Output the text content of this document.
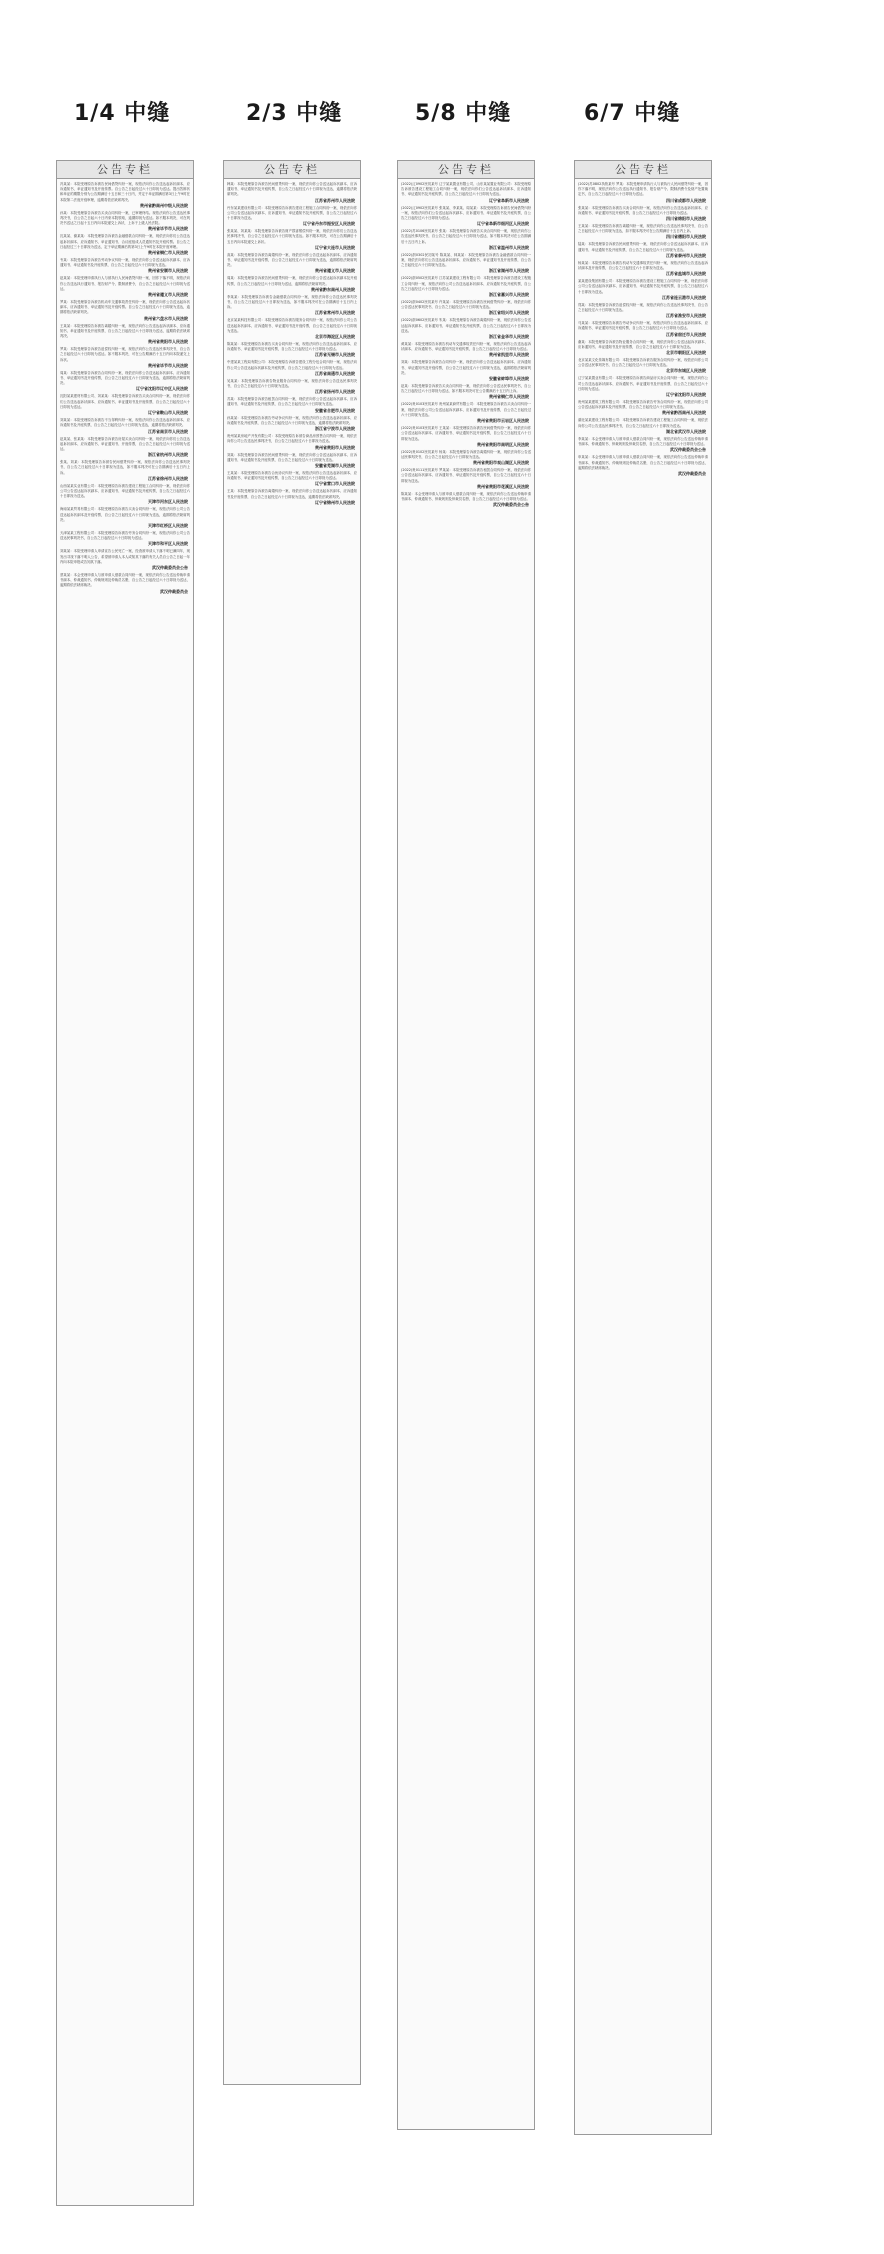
1/4 中缝	2/3 中缝	5/8 中缝	6/7 中缝
公告专栏
冯某某：本院受理原告诉被告民间借贷纠纷一案，现依法向你公告送达起诉状副本、应诉通知书、举证通知书及开庭传票。自公告之日起经过六十日即视为送达。提出答辩状和举证的期限分别为公告期满后十五日和三十日内，并定于举证期满后第3日上午9时在本院第二法庭开庭审理，逾期将依法缺席判决。
贵州省黔南州中级人民法院
孙某：本院受理原告诉被告买卖合同纠纷一案，已审理终结。现依法向你公告送达民事判决书，自公告之日起六十日内来本院领取，逾期即视为送达。如不服本判决，可在判决书送达之日起十五日内向本院递交上诉状，上诉于上级人民法院。
贵州省毕节市人民法院
沈某某、谢某某：本院受理原告诉被告金融借款合同纠纷一案，现依法向你们公告送达起诉状副本、应诉通知书、举证通知书、合议庭组成人员通知书及开庭传票。自公告之日起经过三十日即视为送达，定于举证期满后的第3日上午9时在本院开庭审理。
贵州省铜仁市人民法院
韦某：本院受理原告诉被告劳动争议纠纷一案，现依法向你公告送达起诉状副本、应诉通知书、举证通知书及开庭传票，自公告之日起经过六十日即视为送达。
贵州省安顺市人民法院
赵某某：本院受理申请执行人与被执行人民间借贷纠纷一案，因你下落不明，现依法向你公告送达执行通知书、报告财产令、限制消费令，自公告之日起经过六十日即视为送达。
贵州省遵义市人民法院
罗某：本院受理原告诉被告机动车交通事故责任纠纷一案，现依法向你公告送达起诉状副本、应诉通知书、举证通知书及开庭传票。自公告之日起经过六十日即视为送达，逾期将依法缺席判决。
贵州省六盘水市人民法院
王某某：本院受理原告诉被告离婚纠纷一案，现依法向你公告送达起诉状副本、应诉通知书、举证通知书及开庭传票，自公告之日起经过六十日即视为送达，逾期将依法缺席判决。
贵州省贵阳市人民法院
罗某：本院受理原告诉被告追偿权纠纷一案，现依法向你公告送达民事判决书，自公告之日起经过六十日即视为送达。如不服本判决，可在公告期满后十五日内向本院递交上诉状。
贵州省毕节市人民法院
周某：本院受理原告诉被告合同纠纷一案，现依法向你公告送达起诉状副本、应诉通知书、举证通知书及开庭传票，自公告之日起经过六十日即视为送达，逾期将依法缺席判决。
辽宁省沈阳市辽中区人民法院
沈阳某某建材有限公司、刘某某：本院受理原告诉被告买卖合同纠纷一案，现依法向你们公告送达起诉状副本、应诉通知书、举证通知书及开庭传票，自公告之日起经过六十日即视为送达。
辽宁省鞍山市人民法院
刘某某：本院受理原告诉被告不当得利纠纷一案，现依法向你公告送达起诉状副本、应诉通知书及开庭传票，自公告之日起经过六十日即视为送达，逾期将依法缺席判决。
江苏省南京市人民法院
赵某某、张某某：本院受理原告诉被告房屋买卖合同纠纷一案，现依法向你们公告送达起诉状副本、应诉通知书、举证通知书、开庭传票，自公告之日起经过六十日即视为送达。
浙江省杭州市人民法院
张某、刘某：本院受理原告诉被告民间借贷纠纷一案，现依法向你公告送达民事判决书，自公告之日起经过六十日即视为送达，如不服本判决可在公告期满后十五日内上诉。
江苏省徐州市人民法院
山西某某实业有限公司：本院受理原告诉被告建设工程施工合同纠纷一案，现依法向你公司公告送达起诉状副本、应诉通知书、举证通知书及开庭传票，自公告之日起经过六十日即视为送达。
天津市河东区人民法院
海南某某贸易有限公司：本院受理原告诉被告买卖合同纠纷一案，现依法向你公司公告送达起诉状副本及开庭传票，自公告之日起经过六十日即视为送达，逾期将依法缺席判决。
天津市红桥区人民法院
天津某某工程有限公司：本院受理原告诉被告劳务合同纠纷一案，现依法向你公司公告送达民事判决书，自公告之日起经过六十日即视为送达。
天津市和平区人民法院
刘某某：本院受理申请人申请宣告公民死亡一案，经查被申请人下落不明已满四年，现发出寻找下落不明人公告，希望被申请人本人或知其下落的有关人员自公告之日起一年内向本院申报或告知其下落。
武汉仲裁委员会公告
蔡某某：本会受理申请人与被申请人借款合同纠纷一案，现依法向你公告送达仲裁申请书副本、仲裁通知书、仲裁规则及仲裁员名册，自公告之日起经过六十日即视为送达，逾期将依法缺席裁决。
武汉仲裁委员会
公告专栏
韩某：本院受理原告诉被告民间借贷纠纷一案，现依法向你公告送达起诉状副本、应诉通知书、举证通知书及开庭传票，自公告之日起经过六十日即视为送达，逾期将依法缺席判决。
江苏省苏州市人民法院
丹东某某建设有限公司：本院受理原告诉被告建设工程施工合同纠纷一案，现依法向你公司公告送达起诉状副本、应诉通知书、举证通知书及开庭传票，自公告之日起经过六十日即视为送达。
辽宁省丹东市振安区人民法院
张某某、刘某某：本院受理原告诉被告财产损害赔偿纠纷一案，现依法向你们公告送达民事判决书，自公告之日起经过六十日即视为送达。如不服本判决，可在公告期满后十五日内向本院递交上诉状。
辽宁省大连市人民法院
高某：本院受理原告诉被告离婚纠纷一案，现依法向你公告送达起诉状副本、应诉通知书、举证通知书及开庭传票，自公告之日起经过六十日即视为送达，逾期将依法缺席判决。
贵州省遵义市人民法院
周某：本院受理原告诉被告民间借贷纠纷一案，现依法向你公告送达起诉状副本及开庭传票，自公告之日起经过六十日即视为送达，逾期将依法缺席判决。
贵州省黔东南州人民法院
李某某：本院受理原告诉被告金融借款合同纠纷一案，现依法向你公告送达民事判决书，自公告之日起经过六十日即视为送达，如不服本判决可在公告期满后十五日内上诉。
江苏省常州市人民法院
北京某某科技有限公司：本院受理原告诉被告服务合同纠纷一案，现依法向你公司公告送达起诉状副本、应诉通知书、举证通知书及开庭传票，自公告之日起经过六十日即视为送达。
北京市海淀区人民法院
陈某某：本院受理原告诉被告买卖合同纠纷一案，现依法向你公告送达起诉状副本、应诉通知书、举证通知书及开庭传票，自公告之日起经过六十日即视为送达。
江苏省无锡市人民法院
中建某某工程局有限公司：本院受理原告诉被告建设工程分包合同纠纷一案，现依法向你公司公告送达起诉状副本及开庭传票，自公告之日起经过六十日即视为送达。
江苏省南通市人民法院
吴某某：本院受理原告诉被告物业服务合同纠纷一案，现依法向你公告送达民事判决书，自公告之日起经过六十日即视为送达。
江苏省扬州市人民法院
苏某：本院受理原告诉被告租赁合同纠纷一案，现依法向你公告送达起诉状副本、应诉通知书、举证通知书及开庭传票，自公告之日起经过六十日即视为送达。
安徽省合肥市人民法院
孙某某：本院受理原告诉被告劳动争议纠纷一案，现依法向你公告送达起诉状副本、应诉通知书及开庭传票，自公告之日起经过六十日即视为送达，逾期将依法缺席判决。
浙江省宁波市人民法院
贵州某某房地产开发有限公司：本院受理原告诉被告商品房预售合同纠纷一案，现依法向你公司公告送达民事判决书，自公告之日起经过六十日即视为送达。
贵州省贵阳市人民法院
刘某：本院受理原告诉被告民间借贷纠纷一案，现依法向你公告送达起诉状副本、应诉通知书、举证通知书及开庭传票，自公告之日起经过六十日即视为送达。
安徽省芜湖市人民法院
王某某：本院受理原告诉被告合伙协议纠纷一案，现依法向你公告送达起诉状副本、应诉通知书、举证通知书及开庭传票，自公告之日起经过六十日即视为送达。
辽宁省营口市人民法院
王某：本院受理原告诉被告离婚纠纷一案，现依法向你公告送达起诉状副本、应诉通知书及开庭传票，自公告之日起经过六十日即视为送达，逾期将依法缺席判决。
辽宁省锦州市人民法院
公告专栏
(2022)辽0902民初某号 辽宁某某置业有限公司、山东某某置业有限公司：本院受理原告诉被告建设工程施工合同纠纷一案，现依法向你们公告送达起诉状副本、应诉通知书、举证通知书及开庭传票，自公告之日起经过六十日即视为送达。
辽宁省阜新市人民法院
(2022)辽0902民初某号 张某某、李某某、周某某：本院受理原告诉被告民间借贷纠纷一案，现依法向你们公告送达起诉状副本、应诉通知书、举证通知书及开庭传票，自公告之日起经过六十日即视为送达。
辽宁省阜新市细河区人民法院
(2022)苏0106民初某号 张某：本院受理原告诉被告买卖合同纠纷一案，现依法向你公告送达民事判决书，自公告之日起经过六十日即视为送达，如不服本判决可在公告期满后十五日内上诉。
浙江省温州市人民法院
(2022)浙0302民初某号 陈某某、林某某：本院受理原告诉被告金融借款合同纠纷一案，现依法向你们公告送达起诉状副本、应诉通知书、举证通知书及开庭传票，自公告之日起经过六十日即视为送达。
浙江省湖州市人民法院
(2022)浙0502民初某号 江苏某某建设工程有限公司：本院受理原告诉被告建设工程施工合同纠纷一案，现依法向你公司公告送达起诉状副本、应诉通知书及开庭传票，自公告之日起经过六十日即视为送达。
浙江省嘉兴市人民法院
(2022)浙0402民初某号 许某某：本院受理原告诉被告民间借贷纠纷一案，现依法向你公告送达民事判决书，自公告之日起经过六十日即视为送达。
浙江省绍兴市人民法院
(2022)浙0602民初某号 朱某：本院受理原告诉被告离婚纠纷一案，现依法向你公告送达起诉状副本、应诉通知书、举证通知书及开庭传票，自公告之日起经过六十日即视为送达。
浙江省金华市人民法院
黄某某：本院受理原告诉被告机动车交通事故责任纠纷一案，现依法向你公告送达起诉状副本、应诉通知书、举证通知书及开庭传票，自公告之日起经过六十日即视为送达。
贵州省凯里市人民法院
刘某：本院受理原告诉被告合同纠纷一案，现依法向你公告送达起诉状副本、应诉通知书、举证通知书及开庭传票，自公告之日起经过六十日即视为送达，逾期将依法缺席判决。
安徽省蚌埠市人民法院
赵某：本院受理原告诉被告买卖合同纠纷一案，现依法向你公告送达民事判决书，自公告之日起经过六十日即视为送达，如不服本判决可在公告期满后十五日内上诉。
贵州省铜仁市人民法院
(2022)贵0103民初某号 贵州某某商贸有限公司：本院受理原告诉被告买卖合同纠纷一案，现依法向你公司公告送达起诉状副本、应诉通知书及开庭传票，自公告之日起经过六十日即视为送达。
贵州省贵阳市云岩区人民法院
(2022)贵0103民初某号 王某某：本院受理原告诉被告民间借贷纠纷一案，现依法向你公告送达起诉状副本、应诉通知书、举证通知书及开庭传票，自公告之日起经过六十日即视为送达。
贵州省贵阳市南明区人民法院
(2022)贵0102民初某号 杨某：本院受理原告诉被告离婚纠纷一案，现依法向你公告送达民事判决书，自公告之日起经过六十日即视为送达。
贵州省贵阳市观山湖区人民法院
(2022)贵0111民初某号 罗某某：本院受理原告诉被告租赁合同纠纷一案，现依法向你公告送达起诉状副本、应诉通知书、举证通知书及开庭传票，自公告之日起经过六十日即视为送达。
贵州省贵阳市花溪区人民法院
陈某某：本会受理申请人与被申请人借款合同纠纷一案，现依法向你公告送达仲裁申请书副本、仲裁通知书、仲裁规则及仲裁员名册，自公告之日起经过六十日即视为送达。
武汉仲裁委员会公告
公告专栏
(2022)苏0802执恢某号 罗某：本院受理申请执行人与被执行人民间借贷纠纷一案，因你下落不明，现依法向你公告送达执行通知书、报告财产令、限制消费令及财产处置裁定书，自公告之日起经过六十日即视为送达。
四川省成都市人民法院
张某某：本院受理原告诉被告买卖合同纠纷一案，现依法向你公告送达起诉状副本、应诉通知书、举证通知书及开庭传票，自公告之日起经过六十日即视为送达。
四川省绵阳市人民法院
王某某：本院受理原告诉被告离婚纠纷一案，现依法向你公告送达民事判决书，自公告之日起经过六十日即视为送达，如不服本判决可在公告期满后十五日内上诉。
四川省德阳市人民法院
陆某：本院受理原告诉被告民间借贷纠纷一案，现依法向你公告送达起诉状副本、应诉通知书、举证通知书及开庭传票，自公告之日起经过六十日即视为送达。
江苏省泰州市人民法院
杨某某：本院受理原告诉被告机动车交通事故责任纠纷一案，现依法向你公告送达起诉状副本及开庭传票，自公告之日起经过六十日即视为送达。
江苏省盐城市人民法院
某某建设集团有限公司：本院受理原告诉被告建设工程施工合同纠纷一案，现依法向你公司公告送达起诉状副本、应诉通知书、举证通知书及开庭传票，自公告之日起经过六十日即视为送达。
江苏省连云港市人民法院
郑某：本院受理原告诉被告追偿权纠纷一案，现依法向你公告送达民事判决书，自公告之日起经过六十日即视为送达。
江苏省淮安市人民法院
马某某：本院受理原告诉被告劳动争议纠纷一案，现依法向你公告送达起诉状副本、应诉通知书、举证通知书及开庭传票，自公告之日起经过六十日即视为送达。
江苏省宿迁市人民法院
谢某：本院受理原告诉被告物业服务合同纠纷一案，现依法向你公告送达起诉状副本、应诉通知书、举证通知书及开庭传票，自公告之日起经过六十日即视为送达。
北京市朝阳区人民法院
北京某某文化传媒有限公司：本院受理原告诉被告服务合同纠纷一案，现依法向你公司公告送达民事判决书，自公告之日起经过六十日即视为送达。
北京市东城区人民法院
辽宁某某置业有限公司：本院受理原告诉被告商品房买卖合同纠纷一案，现依法向你公司公告送达起诉状副本、应诉通知书、举证通知书及开庭传票，自公告之日起经过六十日即视为送达。
辽宁省沈阳市人民法院
贵州某某建筑工程有限公司：本院受理原告诉被告劳务合同纠纷一案，现依法向你公司公告送达起诉状副本及开庭传票，自公告之日起经过六十日即视为送达。
贵州省黔西南州人民法院
湖北某某建设工程有限公司：本院受理原告诉被告建设工程施工合同纠纷一案，现依法向你公司公告送达民事判决书，自公告之日起经过六十日即视为送达。
湖北省武汉市人民法院
李某某：本会受理申请人与被申请人借款合同纠纷一案，现依法向你公告送达仲裁申请书副本、仲裁通知书、仲裁规则及仲裁员名册，自公告之日起经过六十日即视为送达。
武汉仲裁委员会公告
申某某：本会受理申请人与被申请人借款合同纠纷一案，现依法向你公告送达仲裁申请书副本、仲裁通知书、仲裁规则及仲裁员名册，自公告之日起经过六十日即视为送达，逾期将依法缺席裁决。
武汉仲裁委员会
